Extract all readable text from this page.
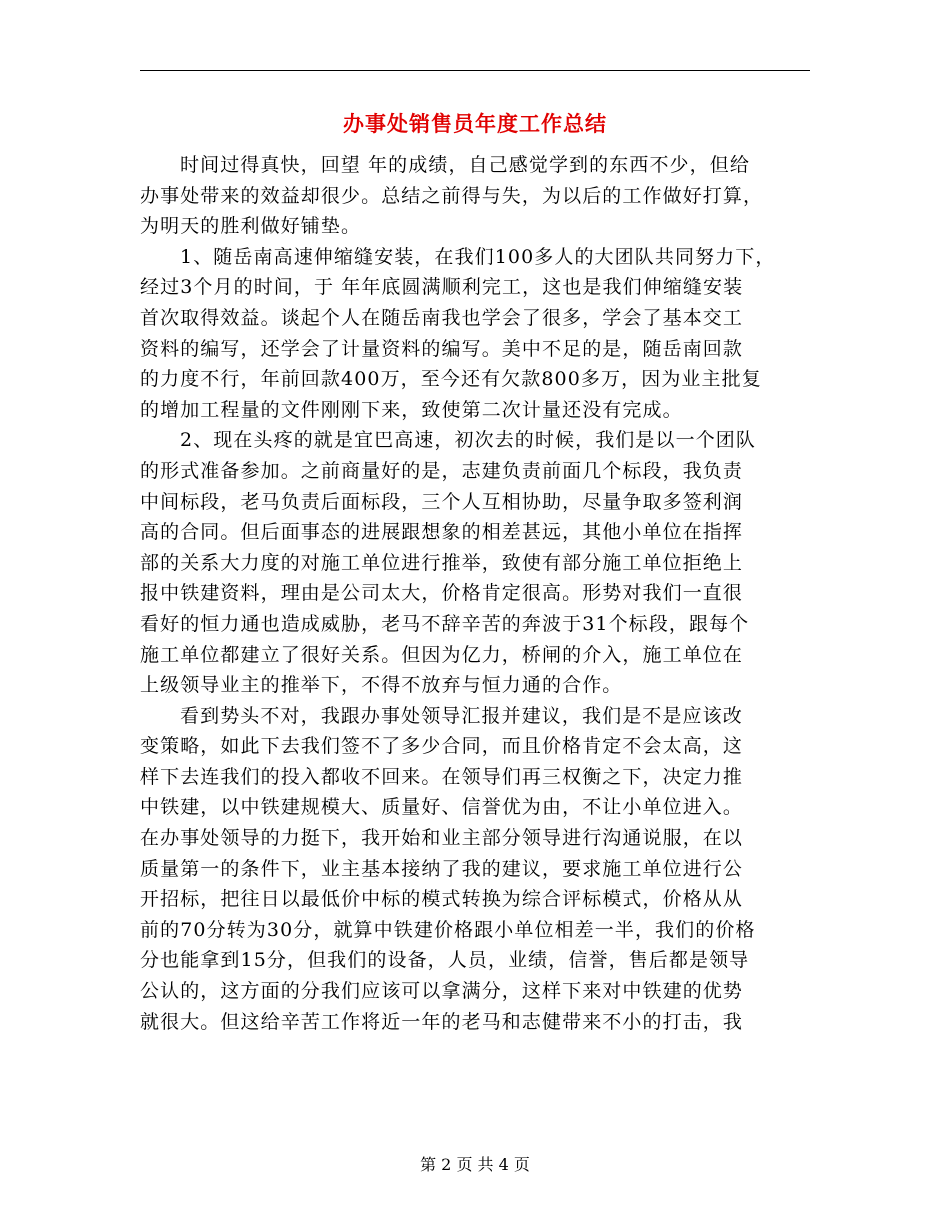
办事处销售员年度工作总结
时间过得真快，回望 年的成绩，自己感觉学到的东西不少，但给
办事处带来的效益却很少。总结之前得与失，为以后的工作做好打算，
为明天的胜利做好铺垫。
1、随岳南高速伸缩缝安装，在我们100多人的大团队共同努力下，
经过3个月的时间，于 年年底圆满顺利完工，这也是我们伸缩缝安装
首次取得效益。谈起个人在随岳南我也学会了很多，学会了基本交工
资料的编写，还学会了计量资料的编写。美中不足的是，随岳南回款
的力度不行，年前回款400万，至今还有欠款800多万，因为业主批复
的增加工程量的文件刚刚下来，致使第二次计量还没有完成。
2、现在头疼的就是宜巴高速，初次去的时候，我们是以一个团队
的形式准备参加。之前商量好的是，志建负责前面几个标段，我负责
中间标段，老马负责后面标段，三个人互相协助，尽量争取多签利润
高的合同。但后面事态的进展跟想象的相差甚远，其他小单位在指挥
部的关系大力度的对施工单位进行推举，致使有部分施工单位拒绝上
报中铁建资料，理由是公司太大，价格肯定很高。形势对我们一直很
看好的恒力通也造成威胁，老马不辞辛苦的奔波于31个标段，跟每个
施工单位都建立了很好关系。但因为亿力，桥闸的介入，施工单位在
上级领导业主的推举下，不得不放弃与恒力通的合作。
看到势头不对，我跟办事处领导汇报并建议，我们是不是应该改
变策略，如此下去我们签不了多少合同，而且价格肯定不会太高，这
样下去连我们的投入都收不回来。在领导们再三权衡之下，决定力推
中铁建，以中铁建规模大、质量好、信誉优为由，不让小单位进入。
在办事处领导的力挺下，我开始和业主部分领导进行沟通说服，在以
质量第一的条件下，业主基本接纳了我的建议，要求施工单位进行公
开招标，把往日以最低价中标的模式转换为综合评标模式，价格从从
前的70分转为30分，就算中铁建价格跟小单位相差一半，我们的价格
分也能拿到15分，但我们的设备，人员，业绩，信誉，售后都是领导
公认的，这方面的分我们应该可以拿满分，这样下来对中铁建的优势
就很大。但这给辛苦工作将近一年的老马和志健带来不小的打击，我
第 2 页 共 4 页
